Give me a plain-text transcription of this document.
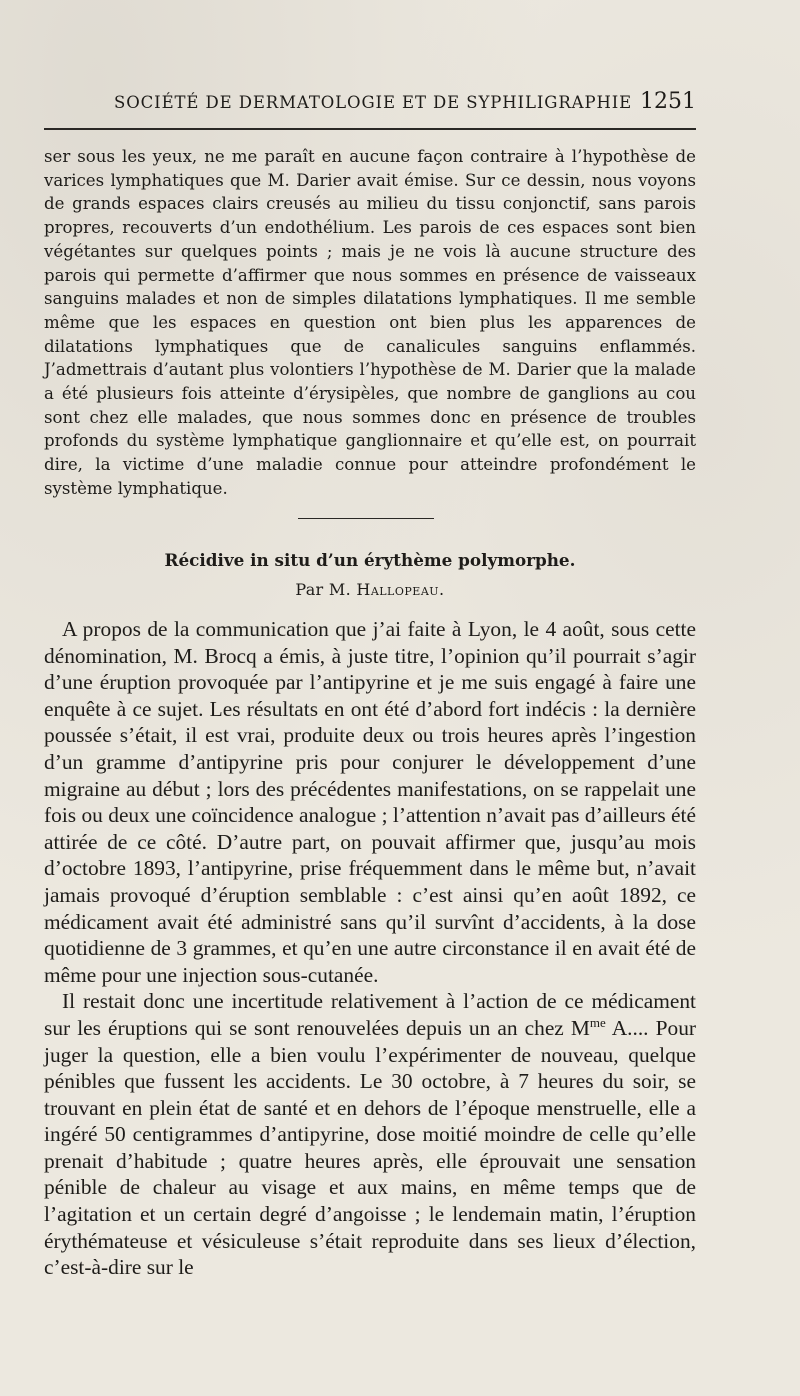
SOCIÉTÉ DE DERMATOLOGIE ET DE SYPHILIGRAPHIE 1251

ser sous les yeux, ne me paraît en aucune façon contraire à l’hypothèse de varices lymphatiques que M. Darier avait émise. Sur ce dessin, nous voyons de grands espaces clairs creusés au milieu du tissu conjonctif, sans parois propres, recouverts d’un endothélium. Les parois de ces espaces sont bien végétantes sur quelques points ; mais je ne vois là aucune structure des parois qui permette d’affirmer que nous sommes en présence de vaisseaux sanguins malades et non de simples dilatations lymphatiques. Il me semble même que les espaces en question ont bien plus les apparences de dilatations lymphatiques que de canalicules sanguins enflammés. J’admettrais d’autant plus volontiers l’hypothèse de M. Darier que la malade a été plusieurs fois atteinte d’érysipèles, que nombre de ganglions au cou sont chez elle malades, que nous sommes donc en présence de troubles profonds du système lymphatique ganglionnaire et qu’elle est, on pourrait dire, la victime d’une maladie connue pour atteindre profondément le système lymphatique.

Récidive in situ d’un érythème polymorphe.
Par M. Hallopeau.

A propos de la communication que j’ai faite à Lyon, le 4 août, sous cette dénomination, M. Brocq a émis, à juste titre, l’opinion qu’il pourrait s’agir d’une éruption provoquée par l’antipyrine et je me suis engagé à faire une enquête à ce sujet. Les résultats en ont été d’abord fort indécis : la dernière poussée s’était, il est vrai, produite deux ou trois heures après l’ingestion d’un gramme d’antipyrine pris pour conjurer le développement d’une migraine au début ; lors des précédentes manifestations, on se rappelait une fois ou deux une coïncidence analogue ; l’attention n’avait pas d’ailleurs été attirée de ce côté. D’autre part, on pouvait affirmer que, jusqu’au mois d’octobre 1893, l’antipyrine, prise fréquemment dans le même but, n’avait jamais provoqué d’éruption semblable : c’est ainsi qu’en août 1892, ce médicament avait été administré sans qu’il survînt d’accidents, à la dose quotidienne de 3 grammes, et qu’en une autre circonstance il en avait été de même pour une injection sous-cutanée.

Il restait donc une incertitude relativement à l’action de ce médicament sur les éruptions qui se sont renouvelées depuis un an chez $M^{me}$ A.... Pour juger la question, elle a bien voulu l’expérimenter de nouveau, quelque pénibles que fussent les accidents. Le 30 octobre, à 7 heures du soir, se trouvant en plein état de santé et en dehors de l’époque menstruelle, elle a ingéré 50 centigrammes d’antipyrine, dose moitié moindre de celle qu’elle prenait d’habitude ; quatre heures après, elle éprouvait une sensation pénible de chaleur au visage et aux mains, en même temps que de l’agitation et un certain degré d’angoisse ; le lendemain matin, l’éruption érythémateuse et vésiculeuse s’était reproduite dans ses lieux d’élection, c’est-à-dire sur le
